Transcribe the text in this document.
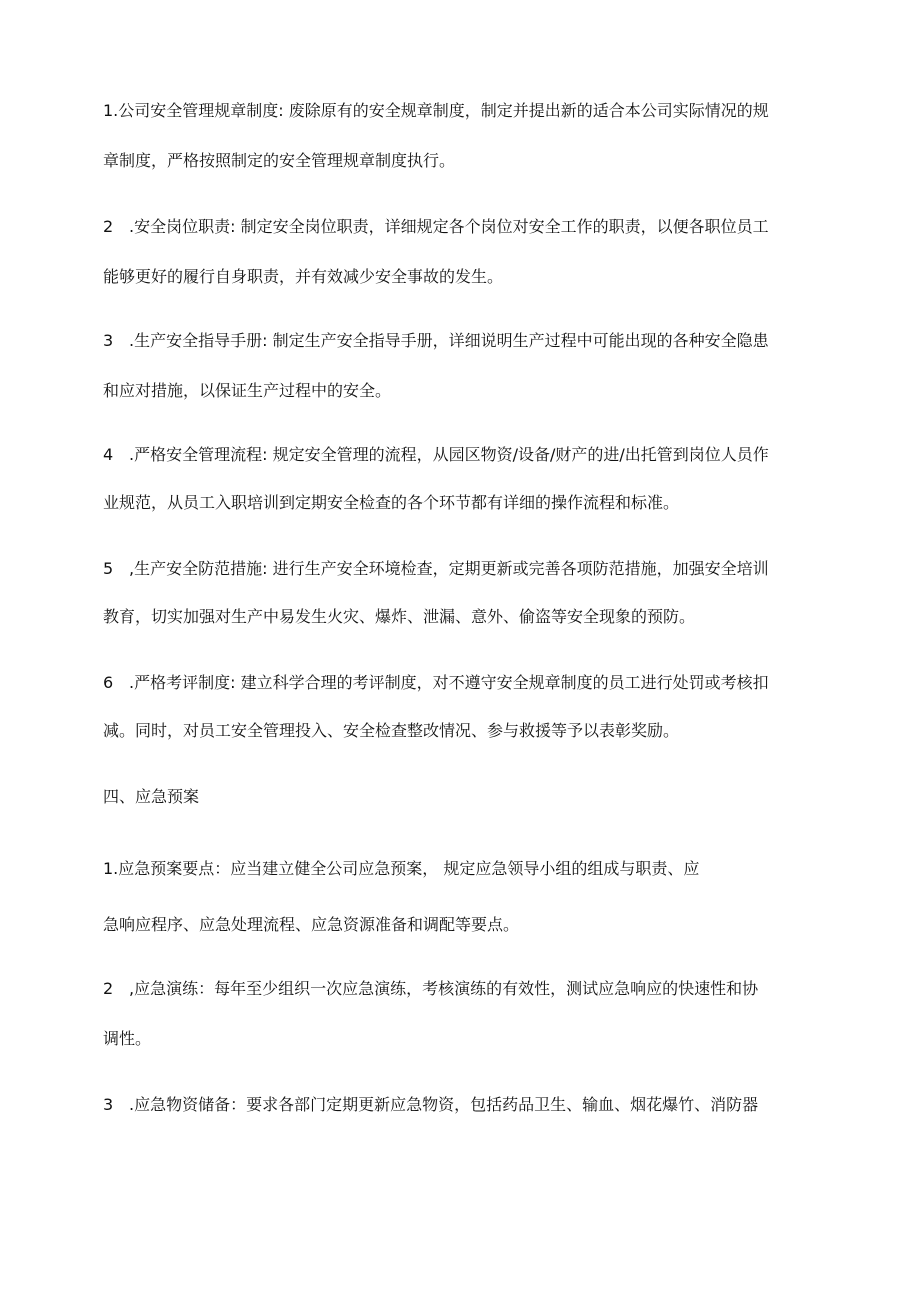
1.公司安全管理规章制度: 废除原有的安全规章制度，制定并提出新的适合本公司实际情况的规
章制度，严格按照制定的安全管理规章制度执行。
2 .安全岗位职责: 制定安全岗位职责，详细规定各个岗位对安全工作的职责，以便各职位员工
能够更好的履行自身职责，并有效减少安全事故的发生。
3 .生产安全指导手册: 制定生产安全指导手册，详细说明生产过程中可能出现的各种安全隐患
和应对措施，以保证生产过程中的安全。
4 .严格安全管理流程: 规定安全管理的流程，从园区物资/设备/财产的进/出托管到岗位人员作
业规范，从员工入职培训到定期安全检查的各个环节都有详细的操作流程和标准。
5 ,生产安全防范措施: 进行生产安全环境检查，定期更新或完善各项防范措施，加强安全培训
教育，切实加强对生产中易发生火灾、爆炸、泄漏、意外、偷盗等安全现象的预防。
6 .严格考评制度: 建立科学合理的考评制度，对不遵守安全规章制度的员工进行处罚或考核扣
减。同时，对员工安全管理投入、安全检查整改情况、参与救援等予以表彰奖励。
四、应急预案
1.应急预案要点：应当建立健全公司应急预案， 规定应急领导小组的组成与职责、应
急响应程序、应急处理流程、应急资源准备和调配等要点。
2 ,应急演练：每年至少组织一次应急演练，考核演练的有效性，测试应急响应的快速性和协
调性。
3 .应急物资储备：要求各部门定期更新应急物资，包括药品卫生、输血、烟花爆竹、消防器
